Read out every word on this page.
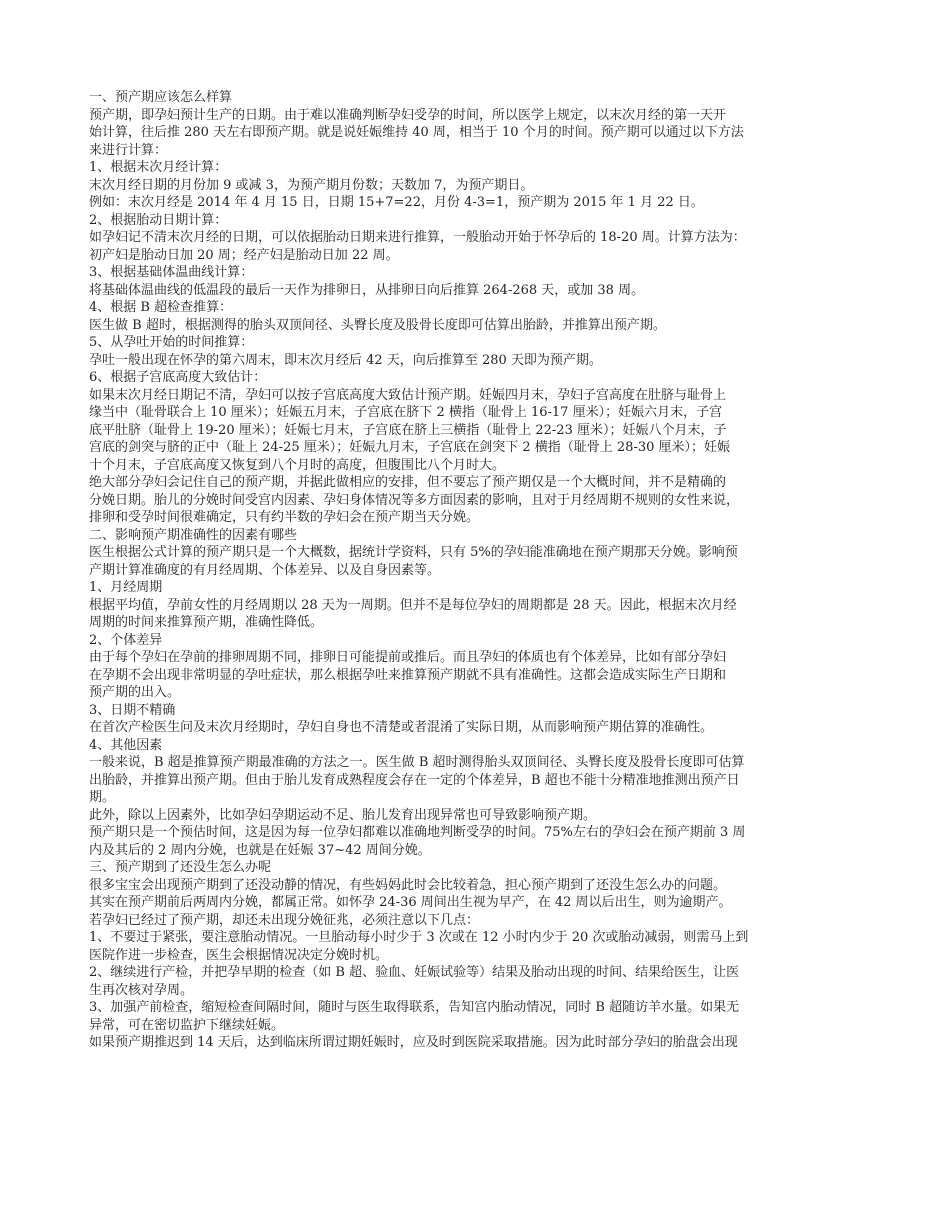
一、预产期应该怎么样算
预产期，即孕妇预计生产的日期。由于难以准确判断孕妇受孕的时间，所以医学上规定，以末次月经的第一天开
始计算，往后推 280 天左右即预产期。就是说妊娠维持 40 周，相当于 10 个月的时间。预产期可以通过以下方法
来进行计算：
1、根据末次月经计算：
末次月经日期的月份加 9 或减 3，为预产期月份数；天数加 7，为预产期日。
例如：末次月经是 2014 年 4 月 15 日，日期 15+7=22，月份 4-3=1，预产期为 2015 年 1 月 22 日。
2、根据胎动日期计算：
如孕妇记不清末次月经的日期，可以依据胎动日期来进行推算，一般胎动开始于怀孕后的 18-20 周。计算方法为：
初产妇是胎动日加 20 周；经产妇是胎动日加 22 周。
3、根据基础体温曲线计算：
将基础体温曲线的低温段的最后一天作为排卵日，从排卵日向后推算 264-268 天，或加 38 周。
4、根据 B 超检查推算：
医生做 B 超时，根据测得的胎头双顶间径、头臀长度及股骨长度即可估算出胎龄，并推算出预产期。
5、从孕吐开始的时间推算：
孕吐一般出现在怀孕的第六周末，即末次月经后 42 天，向后推算至 280 天即为预产期。
6、根据子宫底高度大致估计：
如果末次月经日期记不清，孕妇可以按子宫底高度大致估计预产期。妊娠四月末，孕妇子宫高度在肚脐与耻骨上
缘当中（耻骨联合上 10 厘米）；妊娠五月末，子宫底在脐下 2 横指（耻骨上 16-17 厘米）；妊娠六月末，子宫
底平肚脐（耻骨上 19-20 厘米）；妊娠七月末，子宫底在脐上三横指（耻骨上 22-23 厘米）；妊娠八个月末，子
宫底的剑突与脐的正中（耻上 24-25 厘米）；妊娠九月末，子宫底在剑突下 2 横指（耻骨上 28-30 厘米）；妊娠
十个月末，子宫底高度又恢复到八个月时的高度，但腹围比八个月时大。
绝大部分孕妇会记住自己的预产期，并据此做相应的安排，但不要忘了预产期仅是一个大概时间，并不是精确的
分娩日期。胎儿的分娩时间受宫内因素、孕妇身体情况等多方面因素的影响，且对于月经周期不规则的女性来说，
排卵和受孕时间很难确定，只有约半数的孕妇会在预产期当天分娩。
二、影响预产期准确性的因素有哪些
医生根据公式计算的预产期只是一个大概数，据统计学资料，只有 5%的孕妇能准确地在预产期那天分娩。影响预
产期计算准确度的有月经周期、个体差异、以及自身因素等。
1、月经周期
根据平均值，孕前女性的月经周期以 28 天为一周期。但并不是每位孕妇的周期都是 28 天。因此，根据末次月经
周期的时间来推算预产期，准确性降低。
2、个体差异
由于每个孕妇在孕前的排卵周期不同，排卵日可能提前或推后。而且孕妇的体质也有个体差异，比如有部分孕妇
在孕期不会出现非常明显的孕吐症状，那么根据孕吐来推算预产期就不具有准确性。这都会造成实际生产日期和
预产期的出入。
3、日期不精确
在首次产检医生问及末次月经期时，孕妇自身也不清楚或者混淆了实际日期，从而影响预产期估算的准确性。
4、其他因素
一般来说，B 超是推算预产期最准确的方法之一。医生做 B 超时测得胎头双顶间径、头臀长度及股骨长度即可估算
出胎龄，并推算出预产期。但由于胎儿发育成熟程度会存在一定的个体差异，B 超也不能十分精准地推测出预产日
期。
此外，除以上因素外，比如孕妇孕期运动不足、胎儿发育出现异常也可导致影响预产期。
预产期只是一个预估时间，这是因为每一位孕妇都难以准确地判断受孕的时间。75%左右的孕妇会在预产期前 3 周
内及其后的 2 周内分娩，也就是在妊娠 37~42 周间分娩。
三、预产期到了还没生怎么办呢
很多宝宝会出现预产期到了还没动静的情况，有些妈妈此时会比较着急，担心预产期到了还没生怎么办的问题。
其实在预产期前后两周内分娩，都属正常。如怀孕 24-36 周间出生视为早产，在 42 周以后出生，则为逾期产。
若孕妇已经过了预产期，却还未出现分娩征兆，必须注意以下几点：
1、不要过于紧张，要注意胎动情况。一旦胎动每小时少于 3 次或在 12 小时内少于 20 次或胎动减弱，则需马上到
医院作进一步检查，医生会根据情况决定分娩时机。
2、继续进行产检，并把孕早期的检查（如 B 超、验血、妊娠试验等）结果及胎动出现的时间、结果给医生，让医
生再次核对孕周。
3、加强产前检查，缩短检查间隔时间，随时与医生取得联系，告知宫内胎动情况，同时 B 超随访羊水量。如果无
异常，可在密切监护下继续妊娠。
如果预产期推迟到 14 天后，达到临床所谓过期妊娠时，应及时到医院采取措施。因为此时部分孕妇的胎盘会出现
